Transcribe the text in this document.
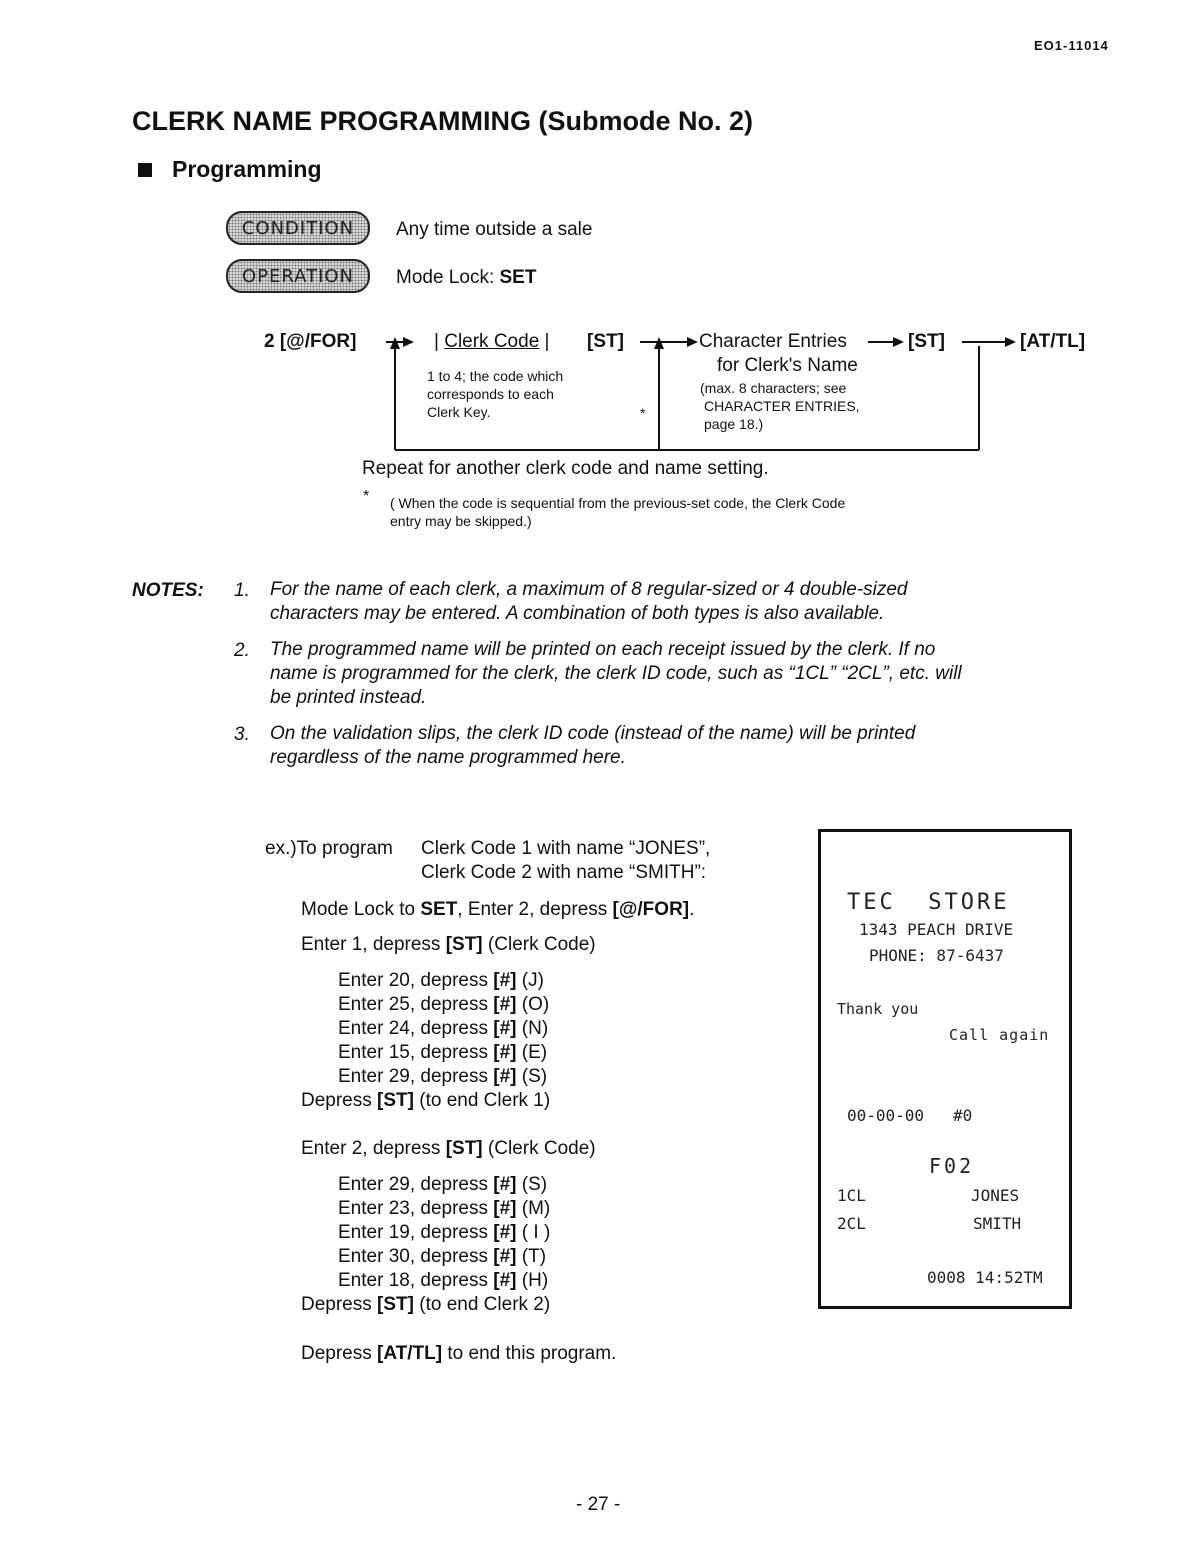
EO1-11014
CLERK NAME PROGRAMMING (Submode No. 2)
Programming
CONDITION	Any time outside a sale
OPERATION	Mode Lock: SET
2 [@/FOR]	| Clerk Code | [ST]	Character Entries
for Clerk's Name
[ST]	[AT/TL]
1 to 4; the code which
corresponds to each
Clerk Key.	*
(max. 8 characters; see
CHARACTER ENTRIES,
page 18.)
Repeat for another clerk code and name setting.
* ( When the code is sequential from the previous-set code, the Clerk Code
entry may be skipped.)
NOTES: 1. For the name of each clerk, a maximum of 8 regular-sized or 4 double-sized
characters may be entered. A combination of both types is also available.
2. The programmed name will be printed on each receipt issued by the clerk. If no
name is programmed for the clerk, the clerk ID code, such as “1CL” “2CL”, etc. will
be printed instead.
3. On the validation slips, the clerk ID code (instead of the name) will be printed
regardless of the name programmed here.
ex.)To program Clerk Code 1 with name “JONES”,
Clerk Code 2 with name “SMITH”:
Mode Lock to SET, Enter 2, depress [@/FOR].
Enter 1, depress [ST] (Clerk Code)
Enter 20, depress [#] (J)
Enter 25, depress [#] (O)
Enter 24, depress [#] (N)
Enter 15, depress [#] (E)
Enter 29, depress [#] (S)
Depress [ST] (to end Clerk 1)
Enter 2, depress [ST] (Clerk Code)
Enter 29, depress [#] (S)
Enter 23, depress [#] (M)
Enter 19, depress [#] ( I )
Enter 30, depress [#] (T)
Enter 18, depress [#] (H)
Depress [ST] (to end Clerk 2)
Depress [AT/TL] to end this program.
TEC  STORE
1343 PEACH DRIVE
PHONE: 87-6437
Thank you
Call again
00-00-00   #0
F02
1CL	JONES
2CL	SMITH
0008 14:52TM
- 27 -
